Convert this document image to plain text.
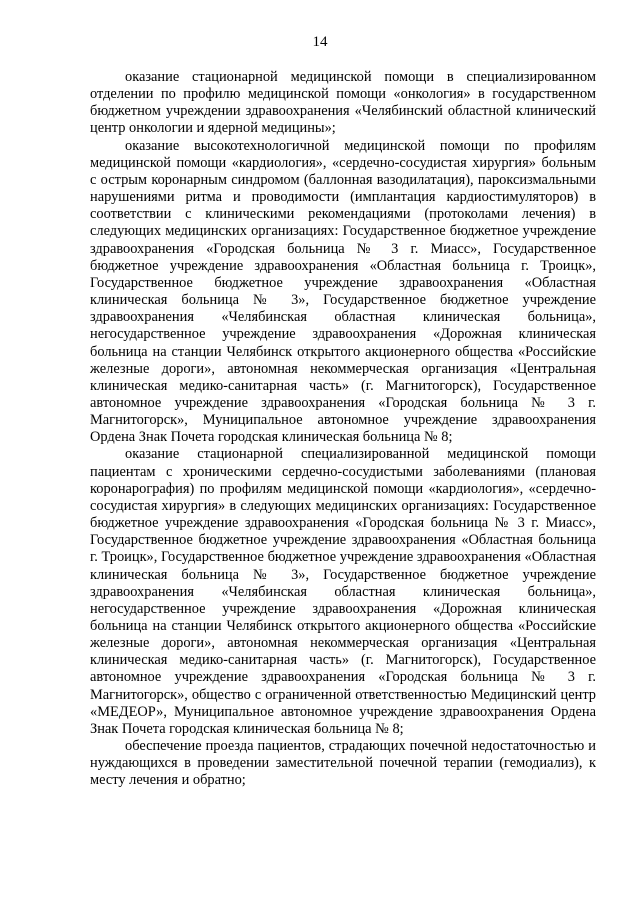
14

оказание стационарной медицинской помощи в специализированном отделении по профилю медицинской помощи «онкология» в государственном бюджетном учреждении здравоохранения «Челябинский областной клинический центр онкологии и ядерной медицины»;

оказание высокотехнологичной медицинской помощи по профилям медицинской помощи «кардиология», «сердечно-сосудистая хирургия» больным с острым коронарным синдромом (баллонная вазодилатация), пароксизмальными нарушениями ритма и проводимости (имплантация кардиостимуляторов) в соответствии с клиническими рекомендациями (протоколами лечения) в следующих медицинских организациях: Государственное бюджетное учреждение здравоохранения «Городская больница № 3 г. Миасс», Государственное бюджетное учреждение здравоохранения «Областная больница г. Троицк», Государственное бюджетное учреждение здравоохранения «Областная клиническая больница № 3», Государственное бюджетное учреждение здравоохранения «Челябинская областная клиническая больница», негосударственное учреждение здравоохранения «Дорожная клиническая больница на станции Челябинск открытого акционерного общества «Российские железные дороги», автономная некоммерческая организация «Центральная клиническая медико-санитарная часть» (г. Магнитогорск), Государственное автономное учреждение здравоохранения «Городская больница № 3 г. Магнитогорск», Муниципальное автономное учреждение здравоохранения Ордена Знак Почета городская клиническая больница № 8;

оказание стационарной специализированной медицинской помощи пациентам с хроническими сердечно-сосудистыми заболеваниями (плановая коронарография) по профилям медицинской помощи «кардиология», «сердечно-сосудистая хирургия» в следующих медицинских организациях: Государственное бюджетное учреждение здравоохранения «Городская больница № 3 г. Миасс», Государственное бюджетное учреждение здравоохранения «Областная больница г. Троицк», Государственное бюджетное учреждение здравоохранения «Областная клиническая больница № 3», Государственное бюджетное учреждение здравоохранения «Челябинская областная клиническая больница», негосударственное учреждение здравоохранения «Дорожная клиническая больница на станции Челябинск открытого акционерного общества «Российские железные дороги», автономная некоммерческая организация «Центральная клиническая медико-санитарная часть» (г. Магнитогорск), Государственное автономное учреждение здравоохранения «Городская больница № 3 г. Магнитогорск», общество с ограниченной ответственностью Медицинский центр «МЕДЕОР», Муниципальное автономное учреждение здравоохранения Ордена Знак Почета городская клиническая больница № 8;

обеспечение проезда пациентов, страдающих почечной недостаточностью и нуждающихся в проведении заместительной почечной терапии (гемодиализ), к месту лечения и обратно;
